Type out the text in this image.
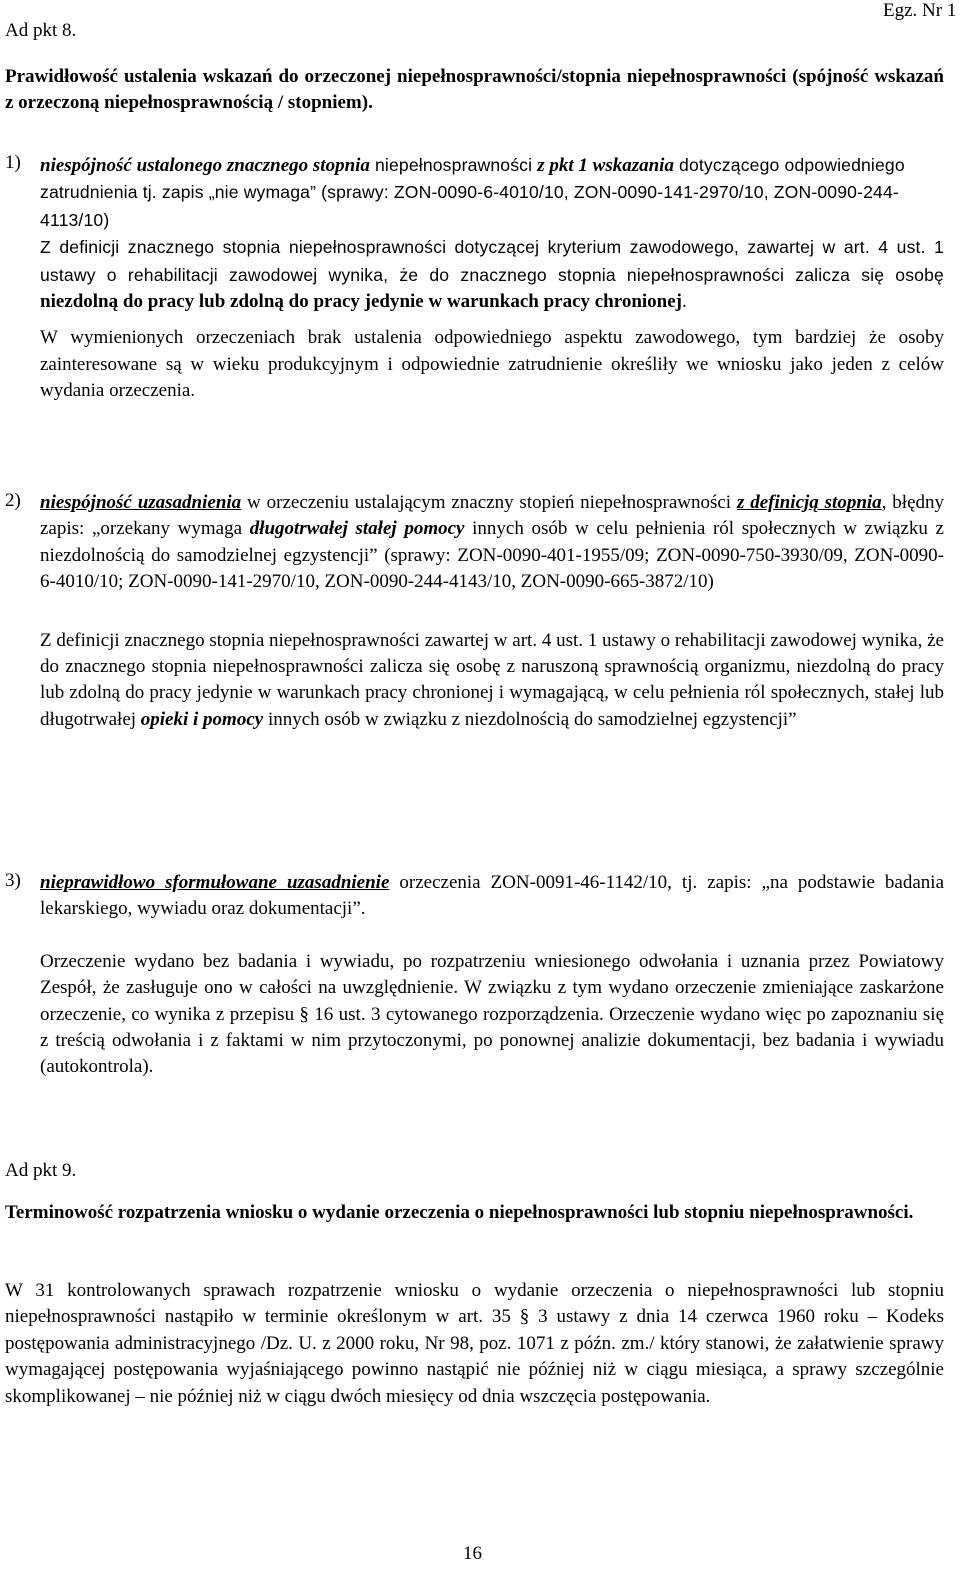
Ad pkt 8.
Egz. Nr 1

Prawidłowość ustalenia wskazań do orzeczonej niepełnosprawności/stopnia niepełnosprawności (spójność wskazań z orzeczoną niepełnosprawnością / stopniem).

1) niespójność ustalonego znacznego stopnia niepełnosprawności z pkt 1 wskazania dotyczącego odpowiedniego zatrudnienia tj. zapis „nie wymaga” (sprawy: ZON-0090-6-4010/10, ZON-0090-141-2970/10, ZON-0090-244-4113/10)

Z definicji znacznego stopnia niepełnosprawności dotyczącej kryterium zawodowego, zawartej w art. 4 ust. 1 ustawy o rehabilitacji zawodowej wynika, że do znacznego stopnia niepełnosprawności zalicza się osobę niezdolną do pracy lub zdolną do pracy jedynie w warunkach pracy chronionej.

W wymienionych orzeczeniach brak ustalenia odpowiedniego aspektu zawodowego, tym bardziej że osoby zainteresowane są w wieku produkcyjnym i odpowiednie zatrudnienie określiły we wniosku jako jeden z celów wydania orzeczenia.

2) niespójność uzasadnienia w orzeczeniu ustalającym znaczny stopień niepełnosprawności z definicją stopnia, błędny zapis: „orzekany wymaga długotrwałej stałej pomocy innych osób w celu pełnienia ról społecznych w związku z niezdolnością do samodzielnej egzystencji” (sprawy: ZON-0090-401-1955/09; ZON-0090-750-3930/09, ZON-0090-6-4010/10; ZON-0090-141-2970/10, ZON-0090-244-4143/10, ZON-0090-665-3872/10)

Z definicji znacznego stopnia niepełnosprawności zawartej w art. 4 ust. 1 ustawy o rehabilitacji zawodowej wynika, że do znacznego stopnia niepełnosprawności zalicza się osobę z naruszoną sprawnością organizmu, niezdolną do pracy lub zdolną do pracy jedynie w warunkach pracy chronionej i wymagającą, w celu pełnienia ról społecznych, stałej lub długotrwałej opieki i pomocy innych osób w związku z niezdolnością do samodzielnej egzystencji”

3) nieprawidłowo sformułowane uzasadnienie orzeczenia ZON-0091-46-1142/10, tj. zapis: „na podstawie badania lekarskiego, wywiadu oraz dokumentacji”.

Orzeczenie wydano bez badania i wywiadu, po rozpatrzeniu wniesionego odwołania i uznania przez Powiatowy Zespół, że zasługuje ono w całości na uwzględnienie. W związku z tym wydano orzeczenie zmieniające zaskarżone orzeczenie, co wynika z przepisu § 16 ust. 3 cytowanego rozporządzenia. Orzeczenie wydano więc po zapoznaniu się z treścią odwołania i z faktami w nim przytoczonymi, po ponownej analizie dokumentacji, bez badania i wywiadu (autokontrola).

Ad pkt 9.

Terminowość rozpatrzenia wniosku o wydanie orzeczenia o niepełnosprawności lub stopniu niepełnosprawności.

W 31 kontrolowanych sprawach rozpatrzenie wniosku o wydanie orzeczenia o niepełnosprawności lub stopniu niepełnosprawności nastąpiło w terminie określonym w art. 35 § 3 ustawy z dnia 14 czerwca 1960 roku – Kodeks postępowania administracyjnego /Dz. U. z 2000 roku, Nr 98, poz. 1071 z późn. zm./ który stanowi, że załatwienie sprawy wymagającej postępowania wyjaśniającego powinno nastąpić nie później niż w ciągu miesiąca, a sprawy szczególnie skomplikowanej – nie później niż w ciągu dwóch miesięcy od dnia wszczęcia postępowania.

16
